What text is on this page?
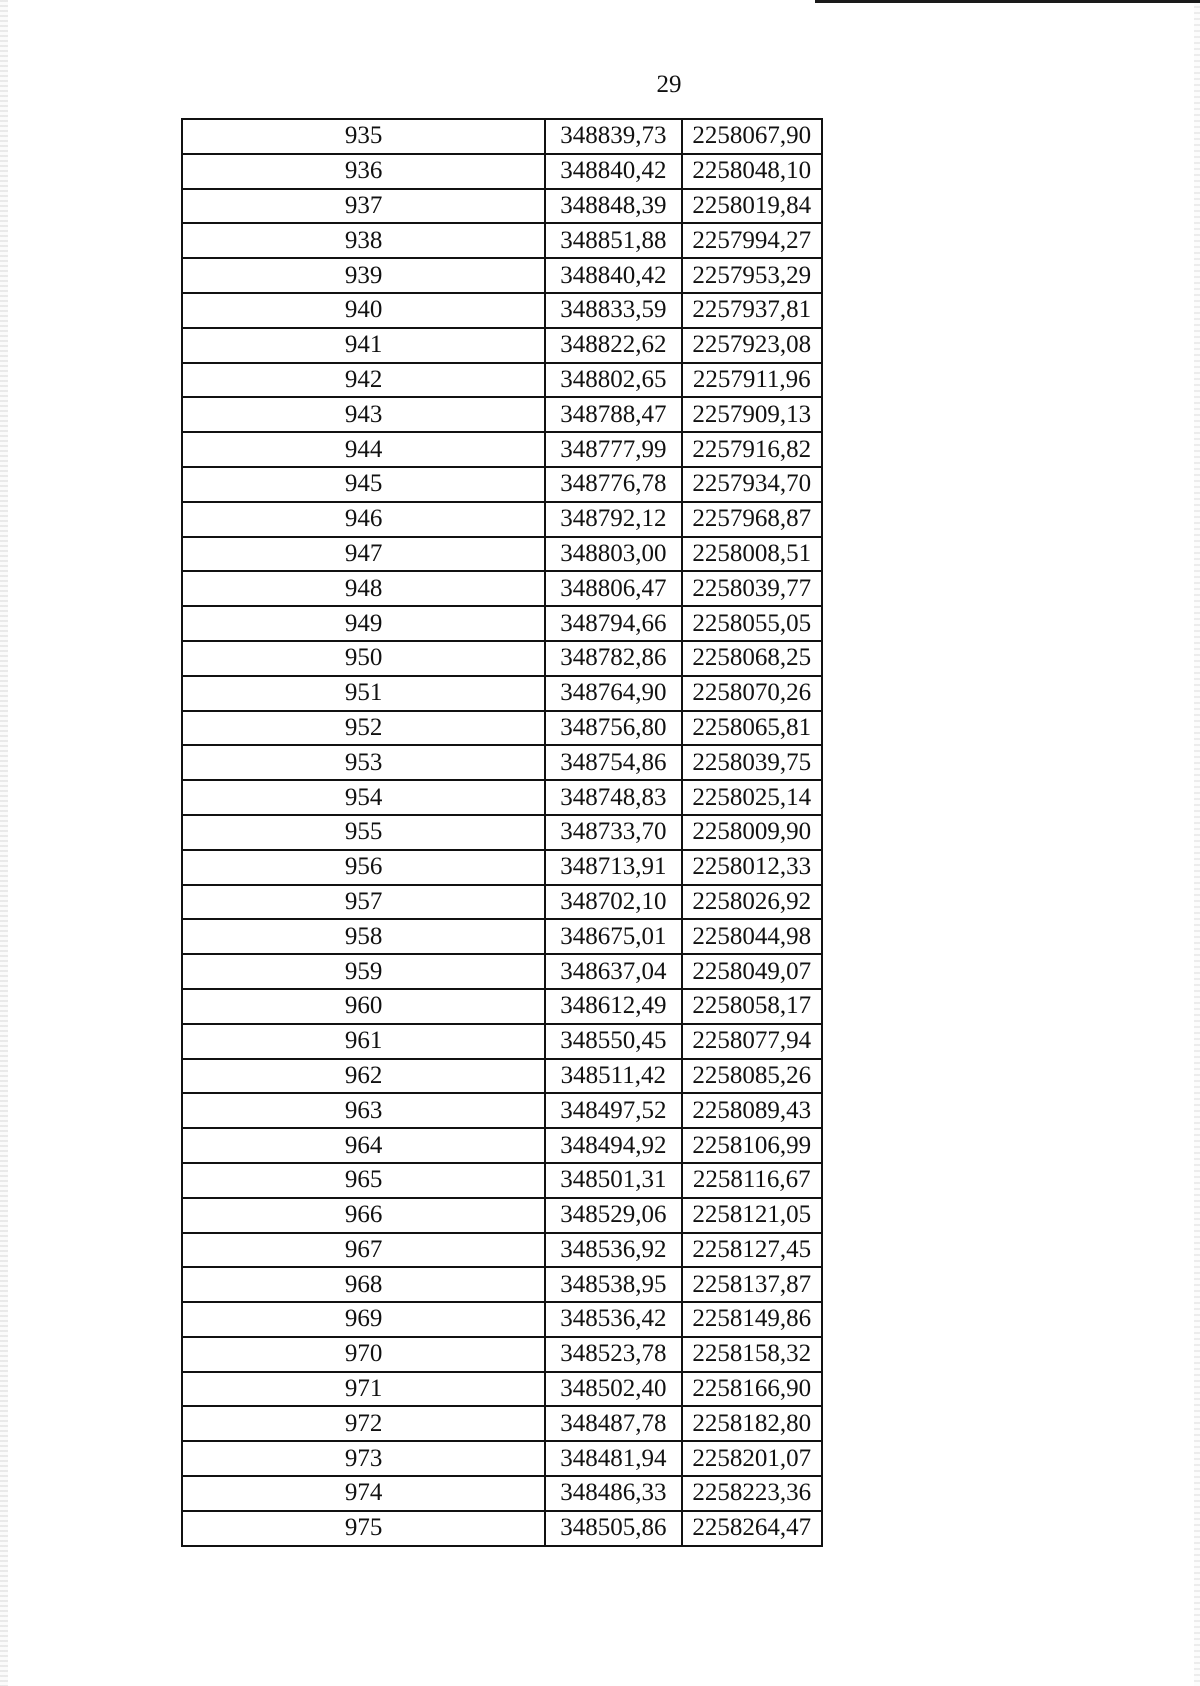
29
935	348839,73	2258067,90
936	348840,42	2258048,10
937	348848,39	2258019,84
938	348851,88	2257994,27
939	348840,42	2257953,29
940	348833,59	2257937,81
941	348822,62	2257923,08
942	348802,65	2257911,96
943	348788,47	2257909,13
944	348777,99	2257916,82
945	348776,78	2257934,70
946	348792,12	2257968,87
947	348803,00	2258008,51
948	348806,47	2258039,77
949	348794,66	2258055,05
950	348782,86	2258068,25
951	348764,90	2258070,26
952	348756,80	2258065,81
953	348754,86	2258039,75
954	348748,83	2258025,14
955	348733,70	2258009,90
956	348713,91	2258012,33
957	348702,10	2258026,92
958	348675,01	2258044,98
959	348637,04	2258049,07
960	348612,49	2258058,17
961	348550,45	2258077,94
962	348511,42	2258085,26
963	348497,52	2258089,43
964	348494,92	2258106,99
965	348501,31	2258116,67
966	348529,06	2258121,05
967	348536,92	2258127,45
968	348538,95	2258137,87
969	348536,42	2258149,86
970	348523,78	2258158,32
971	348502,40	2258166,90
972	348487,78	2258182,80
973	348481,94	2258201,07
974	348486,33	2258223,36
975	348505,86	2258264,47
